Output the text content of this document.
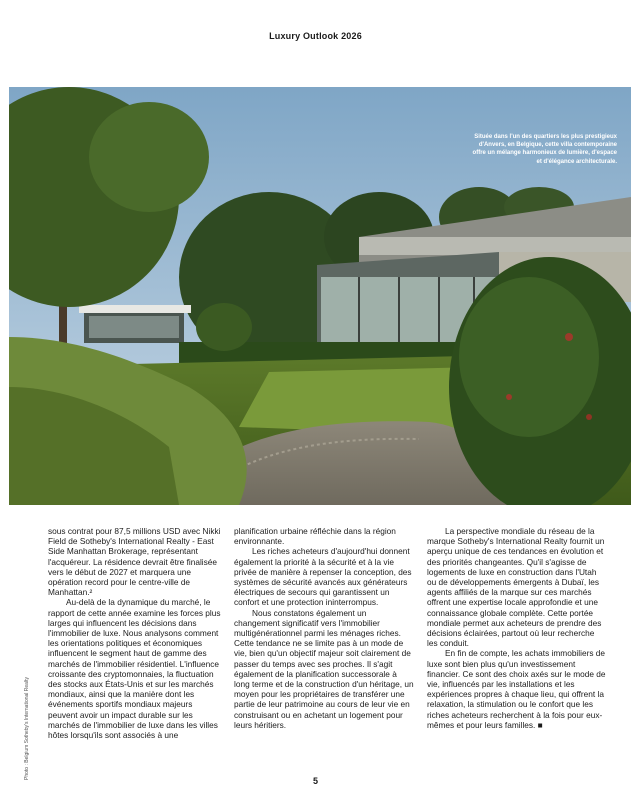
Luxury Outlook 2026
Située dans l'un des quartiers les plus prestigieux d'Anvers, en Belgique, cette villa contemporaine offre un mélange harmonieux de lumière, d'espace et d'élégance architecturale.
Photo : Belgium Sotheby's International Realty

sous contrat pour 87,5 millions USD avec Nikki Field de Sotheby's International Realty - East Side Manhattan Brokerage, représentant l'acquéreur. La résidence devrait être finalisée vers le début de 2027 et marquera une opération record pour le centre-ville de Manhattan.²

Au-delà de la dynamique du marché, le rapport de cette année examine les forces plus larges qui influencent les décisions dans l'immobilier de luxe. Nous analysons comment les orientations politiques et économiques influencent le segment haut de gamme des marchés de l'immobilier résidentiel. L'influence croissante des cryptomonnaies, la fluctuation des stocks aux États-Unis et sur les marchés mondiaux, ainsi que la manière dont les événements sportifs mondiaux majeurs peuvent avoir un impact durable sur les marchés de l'immobilier de luxe dans les villes hôtes lorsqu'ils sont associés à une

planification urbaine réfléchie dans la région environnante.

Les riches acheteurs d'aujourd'hui donnent également la priorité à la sécurité et à la vie privée de manière à repenser la conception, des systèmes de sécurité avancés aux générateurs électriques de secours qui garantissent un confort et une protection ininterrompus.

Nous constatons également un changement significatif vers l'immobilier multigénérationnel parmi les ménages riches. Cette tendance ne se limite pas à un mode de vie, bien qu'un objectif majeur soit clairement de passer du temps avec ses proches. Il s'agit également de la planification successorale à long terme et de la construction d'un héritage, un moyen pour les propriétaires de transférer une partie de leur patrimoine au cours de leur vie en construisant ou en achetant un logement pour leurs héritiers.

La perspective mondiale du réseau de la marque Sotheby's International Realty fournit un aperçu unique de ces tendances en évolution et des priorités changeantes. Qu'il s'agisse de logements de luxe en construction dans l'Utah ou de développements émergents à Dubaï, les agents affiliés de la marque sur ces marchés offrent une expertise locale approfondie et une connaissance globale complète. Cette portée mondiale permet aux acheteurs de prendre des décisions éclairées, partout où leur recherche les conduit.

En fin de compte, les achats immobiliers de luxe sont bien plus qu'un investissement financier. Ce sont des choix axés sur le mode de vie, influencés par les installations et les expériences propres à chaque lieu, qui offrent la relaxation, la stimulation ou le confort que les riches acheteurs recherchent à la fois pour eux-mêmes et pour leurs familles. ■

5
